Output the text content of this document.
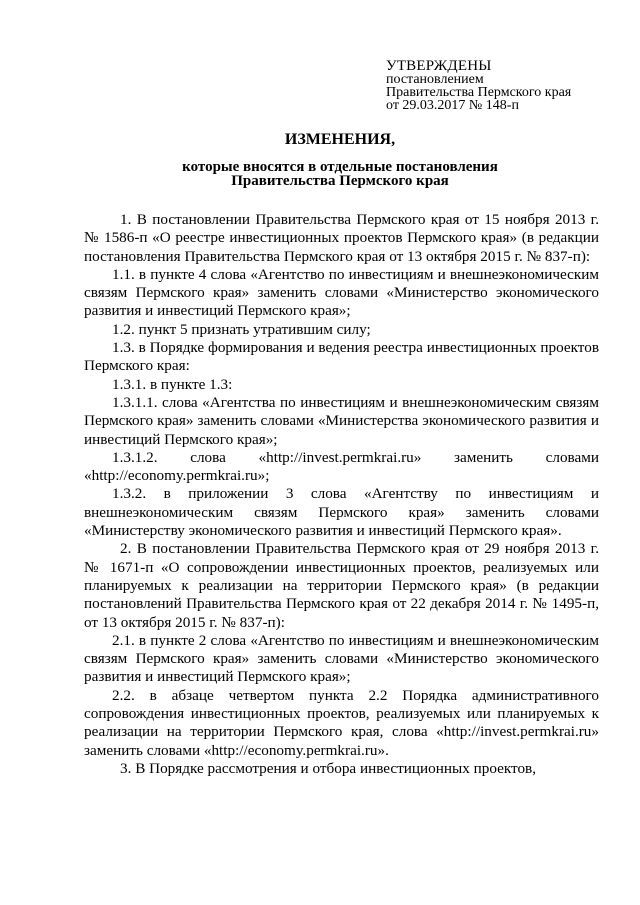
УТВЕРЖДЕНЫ
постановлением
Правительства Пермского края
от 29.03.2017 № 148-п
ИЗМЕНЕНИЯ,
которые вносятся в отдельные постановления
Правительства Пермского края

1. В постановлении Правительства Пермского края от 15 ноября 2013 г. № 1586-п «О реестре инвестиционных проектов Пермского края» (в редакции постановления Правительства Пермского края от 13 октября 2015 г. № 837-п):

1.1. в пункте 4 слова «Агентство по инвестициям и внешнеэкономическим связям Пермского края» заменить словами «Министерство экономического развития и инвестиций Пермского края»;

1.2. пункт 5 признать утратившим силу;

1.3. в Порядке формирования и ведения реестра инвестиционных проектов Пермского края:

1.3.1. в пункте 1.3:

1.3.1.1. слова «Агентства по инвестициям и внешнеэкономическим связям Пермского края» заменить словами «Министерства экономического развития и инвестиций Пермского края»;

1.3.1.2. слова «http://invest.permkrai.ru» заменить словами «http://economy.permkrai.ru»;

1.3.2. в приложении 3 слова «Агентству по инвестициям и внешнеэкономическим связям Пермского края» заменить словами «Министерству экономического развития и инвестиций Пермского края».

2. В постановлении Правительства Пермского края от 29 ноября 2013 г. № 1671-п «О сопровождении инвестиционных проектов, реализуемых или планируемых к реализации на территории Пермского края» (в редакции постановлений Правительства Пермского края от 22 декабря 2014 г. № 1495-п, от 13 октября 2015 г. № 837-п):

2.1. в пункте 2 слова «Агентство по инвестициям и внешнеэкономическим связям Пермского края» заменить словами «Министерство экономического развития и инвестиций Пермского края»;

2.2. в абзаце четвертом пункта 2.2 Порядка административного сопровождения инвестиционных проектов, реализуемых или планируемых к реализации на территории Пермского края, слова «http://invest.permkrai.ru» заменить словами «http://economy.permkrai.ru».

3. В Порядке рассмотрения и отбора инвестиционных проектов,
